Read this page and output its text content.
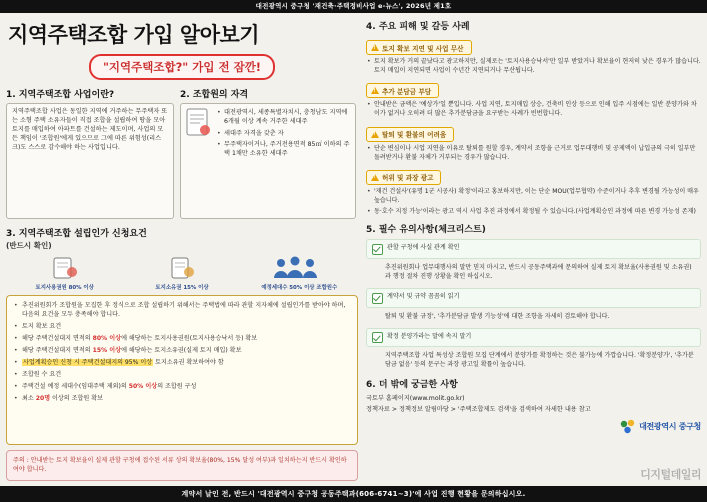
대전광역시 중구청 '재건축·주택정비사업 e-뉴스', 2026년 제1호
지역주택조합 가입 알아보기
"지역주택조합?" 가입 전 잠깐!
1. 지역주택조합 사업이란?

지역주택조합 사업은 동일한 지역에 거주하는 무주택자 또는 소형 주택 소유자들이 직접 조합을 설립하여 땅을 모아 토지를 매입하여 아파트를 건설하는 제도이며, 사업의 모든 책임이 '조합원'에게 있으므로 그에 따른 위험성(리스크)도 스스로 감수해야 하는 사업입니다.

2. 조합원의 자격
• 대전광역시, 세종특별자치시, 충청남도 지역에 6개월 이상 계속 거주한 세대주
• 세대주 자격을 갖춘 자
• 무주택자이거나, 주거전용면적 85㎡ 이하의 주택 1채만 소유한 세대주
3. 지역주택조합 설립인가 신청요건
(반드시 확인)
토지사용권원 80% 이상	토지소유권 15% 이상	예정세대수 50% 이상 조합원수
• 추진위원회가 조합원을 모집한 후 정식으로 조합 설립하기 위해서는 주택법에 따라 관할 지자체에 설립인가를 받아야 하며, 다음의 요건을 모두 충족해야 합니다.
• 토지 확보 요건
• 해당 주택건설대지 면적의 80% 이상에 해당하는 토지사용권원(토지사용승낙서 등) 확보
• 해당 주택건설대지 면적의 15% 이상에 해당하는 토지소유권(실제 토지 매입) 확보
• 사업계획승인 신청 시 주택건설대지의 95% 이상 토지소유권 확보하여야 함
• 조합원 수 요건
• 주택건설 예정 세대수(임대주택 제외)의 50% 이상의 조합원 구성
• 최소 20명 이상의 조합원 확보
주의 : 안내받는 토지 확보율이 실제 관할 구청에 접수된 서류 상의 확보율(80%, 15% 달성 여부)과 일치하는지 반드시 확인하여야 합니다.
4. 주요 피해 및 갈등 사례
!
토지 확보 지연 및 사업 무산
• 토지 확보가 거의 끝났다고 광고하지만, 실제로는 '토지사용승낙서'만 일부 받았거나 확보율이 현저히 낮은 경우가 많습니다. 토지 매입이 지연되면 사업이 수년간 지연되거나 무산됩니다.
!
추가 분담금 부담
• 안내받은 금액은 '예상가'일 뿐입니다. 사업 지연, 토지매입 상승, 건축비 인상 등으로 인해 입주 시점에는 일반 분양가와 차이가 없거나 오히려 더 많은 추가분담금을 요구받는 사례가 빈번합니다.
!
탈퇴 및 환불의 어려움
• 단순 변심이나 시업 지연을 이유로 탈퇴를 원할 경우, 계약서 조항을 근거로 업무대행비 및 공제액이 납입금의 극히 일부만 돌려받거나 환불 자체가 거부되는 경우가 많습니다.
!
허위 및 과장 광고
• '재건 건설사'(유명 1군 시공사) 확정'이라고 홍보하지만, 이는 단순 MOU(업무협약) 수준이거나 추후 변경될 가능성이 매우 높습니다.
• 동·호수 지정 가능'이라는 광고 역시 사업 추진 과정에서 확정될 수 있습니다.(사업계획승인 과정에 따른 변경 가능성 존재)
5. 필수 유의사항(체크리스트)
관할 구청에 사실 관계 확인
추진위원회나 업무대행사의 말만 믿지 마시고, 반드시 공동주택과에 문의하여 실제 토지 확보율(사용권원 및 소유권)과 행정 절차 진행 상황을 확인 하십시오.
계약서 및 규약 꼼꼼히 읽기
탈퇴 및 환불 규정', '추가분담금 발생 기능성'에 대한 조항을 자세히 검토해야 합니다.
확정 분양가라는 말에 속지 말기
지역주택조합 사업 특성상 조합원 모집 단계에서 분양가를 확정하는 것은 불가능에 가깝습니다. '확정분양가', '추가분담금 없음' 등의 문구는 과장 광고일 확률이 높습니다.
6. 더 밖에 궁금한 사항
국토부 홈페이지(www.molit.go.kr)
정책자료 > 정책정보 알림마당 > '주택조합제도 검색'을 검색하여 자세한 내용 참고
대전광역시 중구청
디지털데일리
계약서 날인 전, 반드시 '대전광역시 중구청 공동주택과(606-6741~3)'에 사업 진행 현황을 문의하십시오.
